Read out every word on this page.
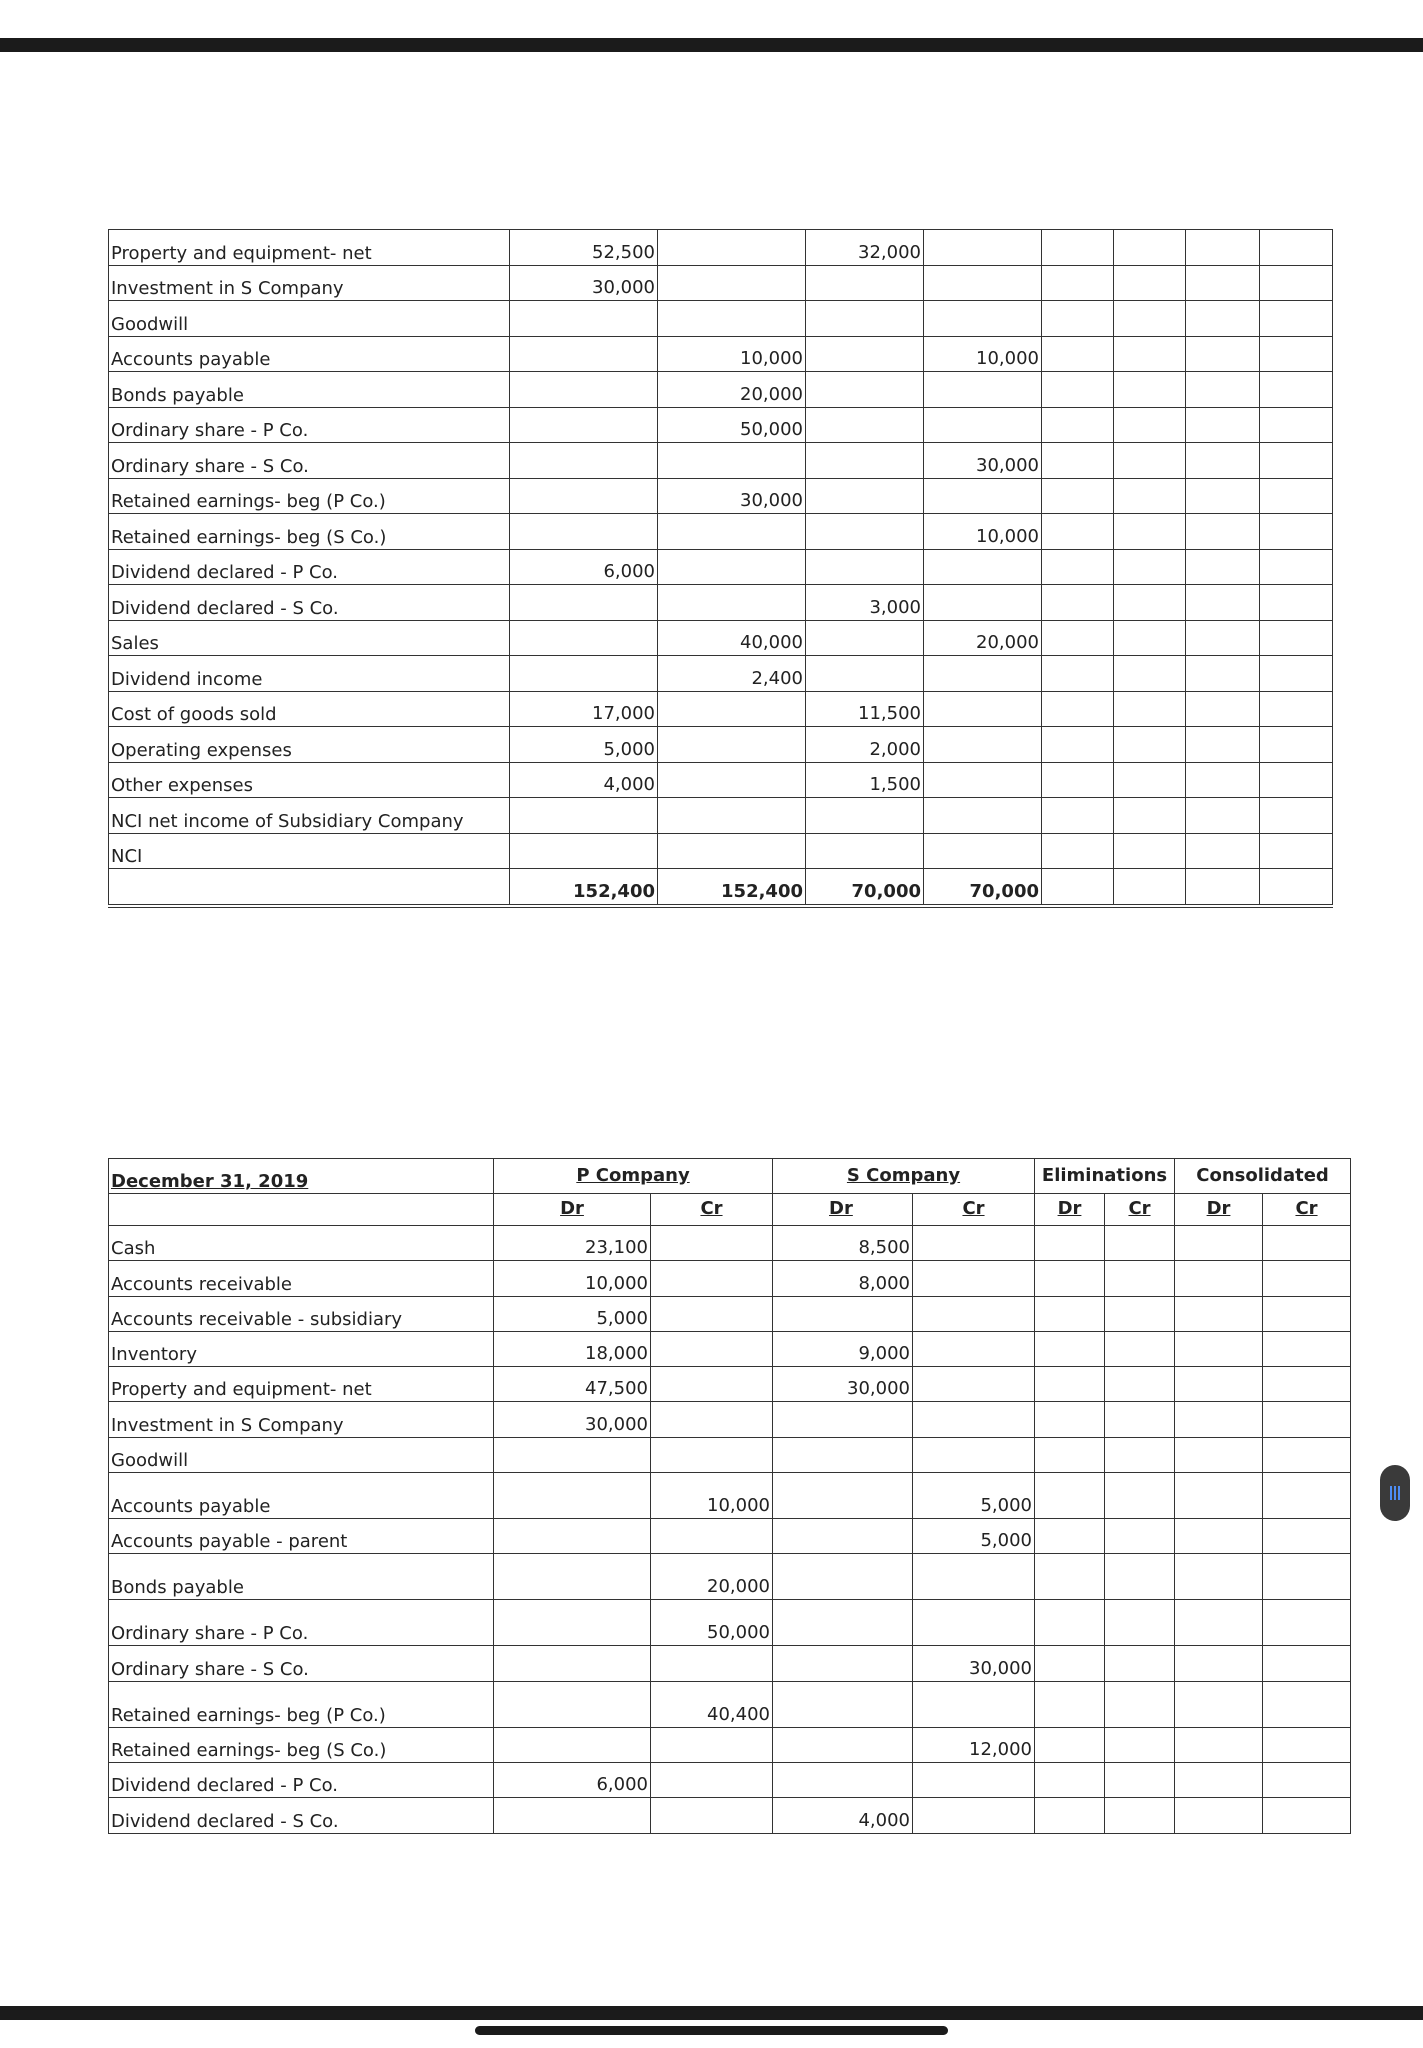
Property and equipment- net	52,500		32,000					
Investment in S Company	30,000							
Goodwill								
Accounts payable		10,000		10,000				
Bonds payable		20,000						
Ordinary share - P Co.		50,000						
Ordinary share - S Co.				30,000				
Retained earnings- beg (P Co.)		30,000						
Retained earnings- beg (S Co.)				10,000				
Dividend declared - P Co.	6,000							
Dividend declared - S Co.			3,000					
Sales		40,000		20,000				
Dividend income		2,400						
Cost of goods sold	17,000		11,500					
Operating expenses	5,000		2,000					
Other expenses	4,000		1,500					
NCI net income of Subsidiary Company								
NCI								
	152,400	152,400	70,000	70,000				
December 31, 2019	P Company		S Company		Eliminations		Consolidated	
	Dr	Cr	Dr	Cr	Dr	Cr	Dr	Cr
Cash	23,100		8,500					
Accounts receivable	10,000		8,000					
Accounts receivable - subsidiary	5,000							
Inventory	18,000		9,000					
Property and equipment- net	47,500		30,000					
Investment in S Company	30,000							
Goodwill								
Accounts payable		10,000		5,000				
Accounts payable - parent				5,000				
Bonds payable		20,000						
Ordinary share - P Co.		50,000						
Ordinary share - S Co.				30,000				
Retained earnings- beg (P Co.)		40,400						
Retained earnings- beg (S Co.)				12,000				
Dividend declared - P Co.	6,000							
Dividend declared - S Co.			4,000					
